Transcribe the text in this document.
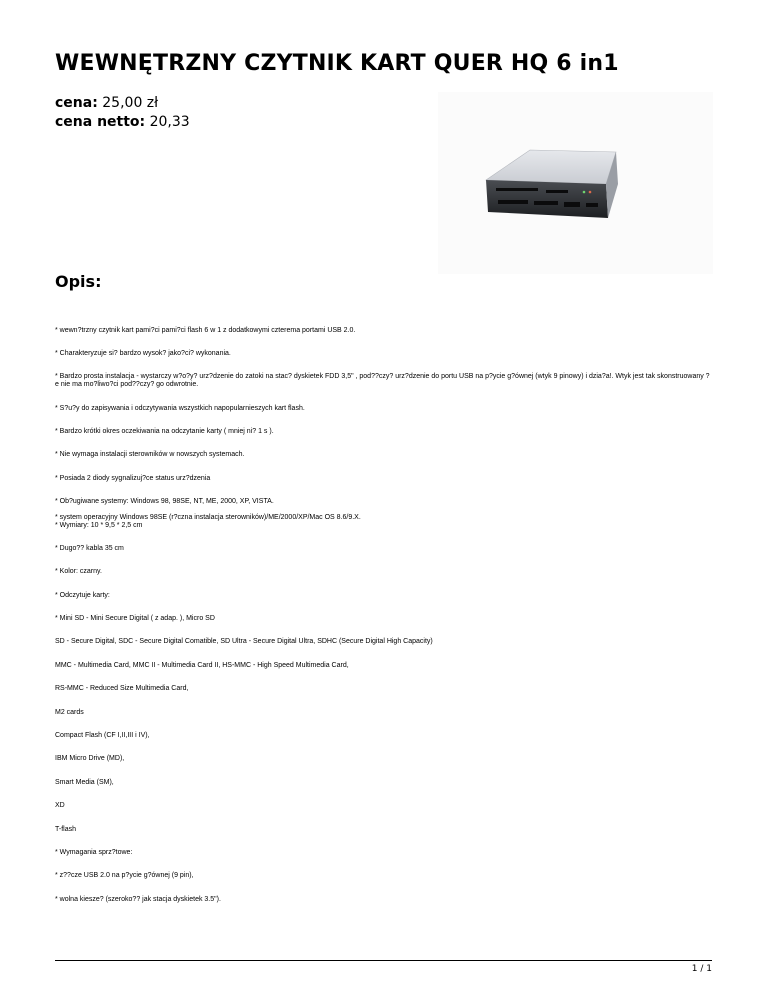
WEWNĘTRZNY CZYTNIK KART QUER HQ 6 in1
cena: 25,00 zł
cena netto: 20,33
Opis:

* wewn?trzny czytnik kart pami?ci pami?ci flash 6 w 1 z dodatkowymi czterema portami USB 2.0.

* Charakteryzuje si? bardzo wysok? jako?ci? wykonania.

* Bardzo prosta instalacja - wystarczy w?o?y? urz?dzenie do zatoki na stac? dyskietek FDD 3,5" , pod??czy? urz?dzenie do portu USB na p?ycie g?ównej (wtyk 9 pinowy) i dzia?a!. Wtyk jest tak skonstruowany ?e nie ma mo?liwo?ci pod??czy? go odwrotnie.

* S?u?y do zapisywania i odczytywania wszystkich napopularnieszych kart flash.

* Bardzo krótki okres oczekiwania na odczytanie karty ( mniej ni? 1 s ).

* Nie wymaga instalacji sterowników w nowszych systemach.

* Posiada 2 diody sygnalizuj?ce status urz?dzenia

* Ob?ugiwane systemy: Windows 98, 98SE, NT, ME, 2000, XP, VISTA.

* Wymiary: 10 * 9,5 * 2,5 cm

* Dugo?? kabla 35 cm

* Kolor: czarny.

* Odczytuje karty:

* Mini SD - Mini Secure Digital ( z adap. ), Micro SD

SD - Secure Digital, SDC - Secure Digital Comatible, SD Ultra - Secure Digital Ultra, SDHC (Secure Digital High Capacity)

MMC - Multimedia Card, MMC II - Multimedia Card II, HS-MMC - High Speed Multimedia Card,

RS-MMC - Reduced Size Multimedia Card,

M2 cards

Compact Flash (CF I,II,III i IV),

IBM Micro Drive (MD),

Smart Media (SM),

XD

T-flash

* Wymagania sprz?towe:

* z??cze USB 2.0 na p?ycie g?ównej (9 pin),

* wolna kiesze? (szeroko?? jak stacja dyskietek 3.5").

* system operacyjny Windows 98SE (r?czna instalacja sterowników)/ME/2000/XP/Mac OS 8.6/9.X.
1 / 1
